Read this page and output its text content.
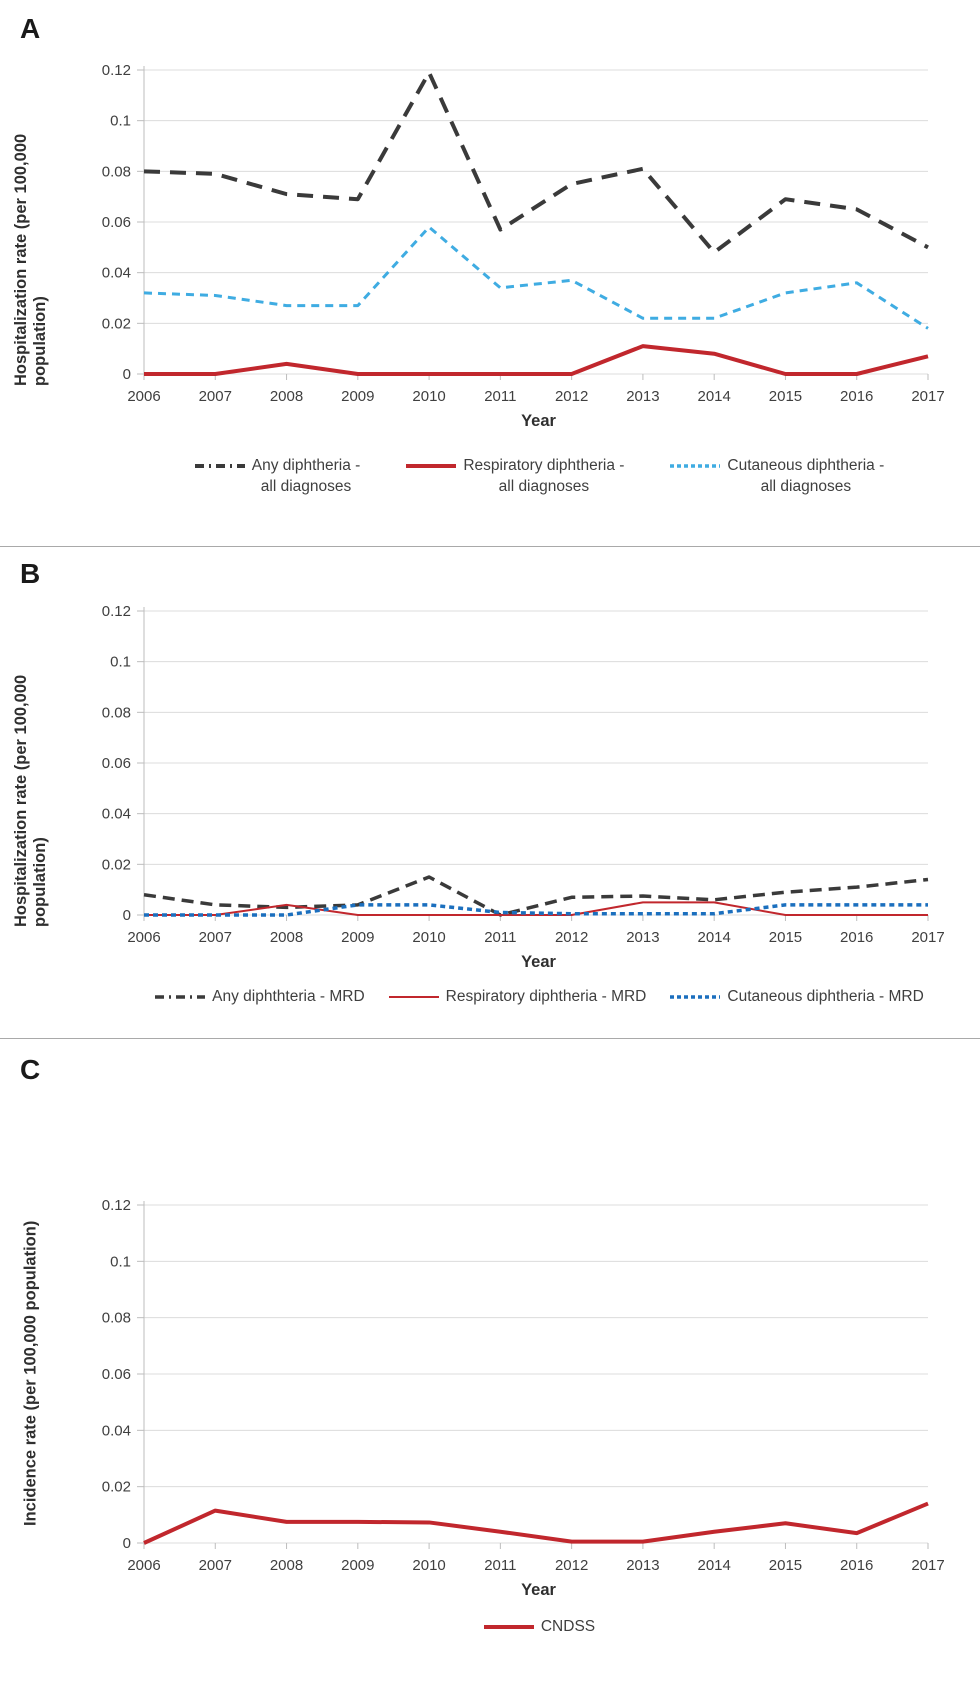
A
Hospitalization rate (per 100,000 population)	0
0.02
0.04
0.06
0.08
0.1
0.12
2006	2007	2008	2009	2010	2011	2012	2013	2014	2015	2016	2017
Year
Any diphtheria -
all diagnoses
Respiratory diphtheria -
all diagnoses
Cutaneous diphtheria -
all diagnoses
B
Hospitalization rate (per 100,000 population)	0
0.02
0.04
0.06
0.08
0.1
0.12
2006	2007	2008	2009	2010	2011	2012	2013	2014	2015	2016	2017
Year
Any diphthteria - MRD	Respiratory diphtheria - MRD	Cutaneous diphtheria - MRD
C
Incidence rate (per 100,000 population)
0
0.02
0.04
0.06
0.08
0.1
0.12
2006	2007	2008	2009	2010	2011	2012	2013	2014	2015	2016	2017
Year
CNDSS
